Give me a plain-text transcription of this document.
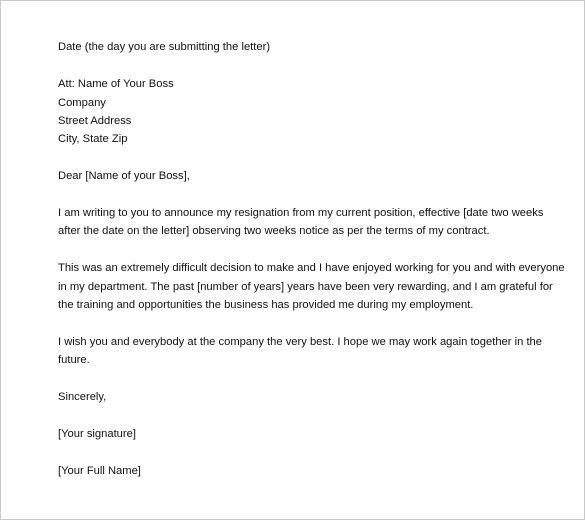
Date (the day you are submitting the letter)
Att: Name of Your Boss
Company
Street Address
City, State Zip
Dear [Name of your Boss],
I am writing to you to announce my resignation from my current position, effective [date two weeks
after the date on the letter] observing two weeks notice as per the terms of my contract.
This was an extremely difficult decision to make and I have enjoyed working for you and with everyone
in my department. The past [number of years] years have been very rewarding, and I am grateful for
the training and opportunities the business has provided me during my employment.
I wish you and everybody at the company the very best. I hope we may work again together in the
future.
Sincerely,
[Your signature]
[Your Full Name]
